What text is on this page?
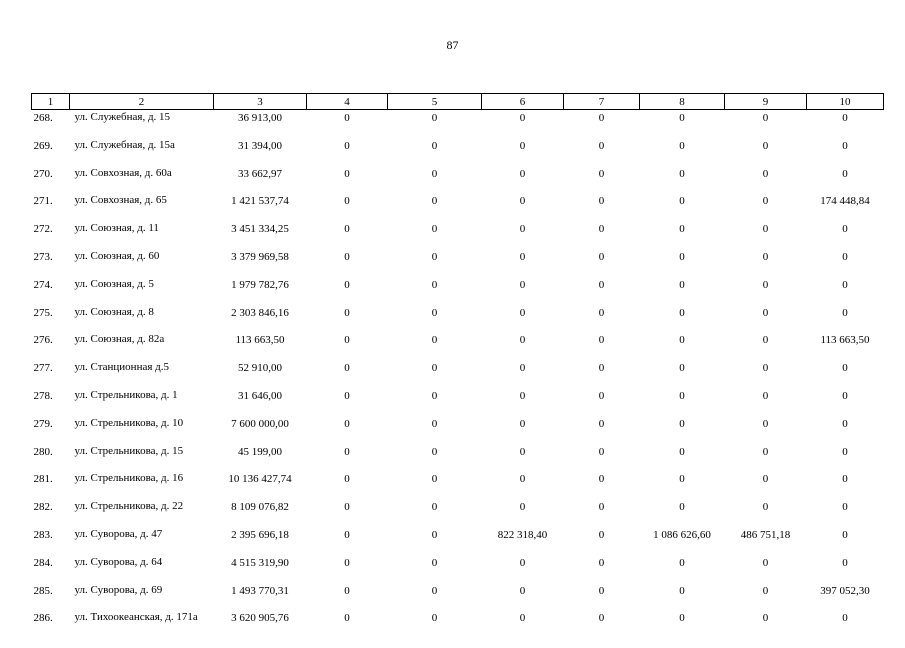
87
1	2	3	4	5	6	7	8	9	10
268.	ул. Служебная, д. 15	36 913,00	0	0	0	0	0	0	0
269.	ул. Служебная, д. 15а	31 394,00	0	0	0	0	0	0	0
270.	ул. Совхозная, д. 60а	33 662,97	0	0	0	0	0	0	0
271.	ул. Совхозная, д. 65	1 421 537,74	0	0	0	0	0	0	174 448,84
272.	ул. Союзная, д. 11	3 451 334,25	0	0	0	0	0	0	0
273.	ул. Союзная, д. 60	3 379 969,58	0	0	0	0	0	0	0
274.	ул. Союзная, д. 5	1 979 782,76	0	0	0	0	0	0	0
275.	ул. Союзная, д. 8	2 303 846,16	0	0	0	0	0	0	0
276.	ул. Союзная, д. 82а	113 663,50	0	0	0	0	0	0	113 663,50
277.	ул. Станционная д.5	52 910,00	0	0	0	0	0	0	0
278.	ул. Стрельникова, д. 1	31 646,00	0	0	0	0	0	0	0
279.	ул. Стрельникова, д. 10	7 600 000,00	0	0	0	0	0	0	0
280.	ул. Стрельникова, д. 15	45 199,00	0	0	0	0	0	0	0
281.	ул. Стрельникова, д. 16	10 136 427,74	0	0	0	0	0	0	0
282.	ул. Стрельникова, д. 22	8 109 076,82	0	0	0	0	0	0	0
283.	ул. Суворова, д. 47	2 395 696,18	0	0	822 318,40	0	1 086 626,60	486 751,18	0
284.	ул. Суворова, д. 64	4 515 319,90	0	0	0	0	0	0	0
285.	ул. Суворова, д. 69	1 493 770,31	0	0	0	0	0	0	397 052,30
286.	ул. Тихоокеанская, д. 171а	3 620 905,76	0	0	0	0	0	0	0
